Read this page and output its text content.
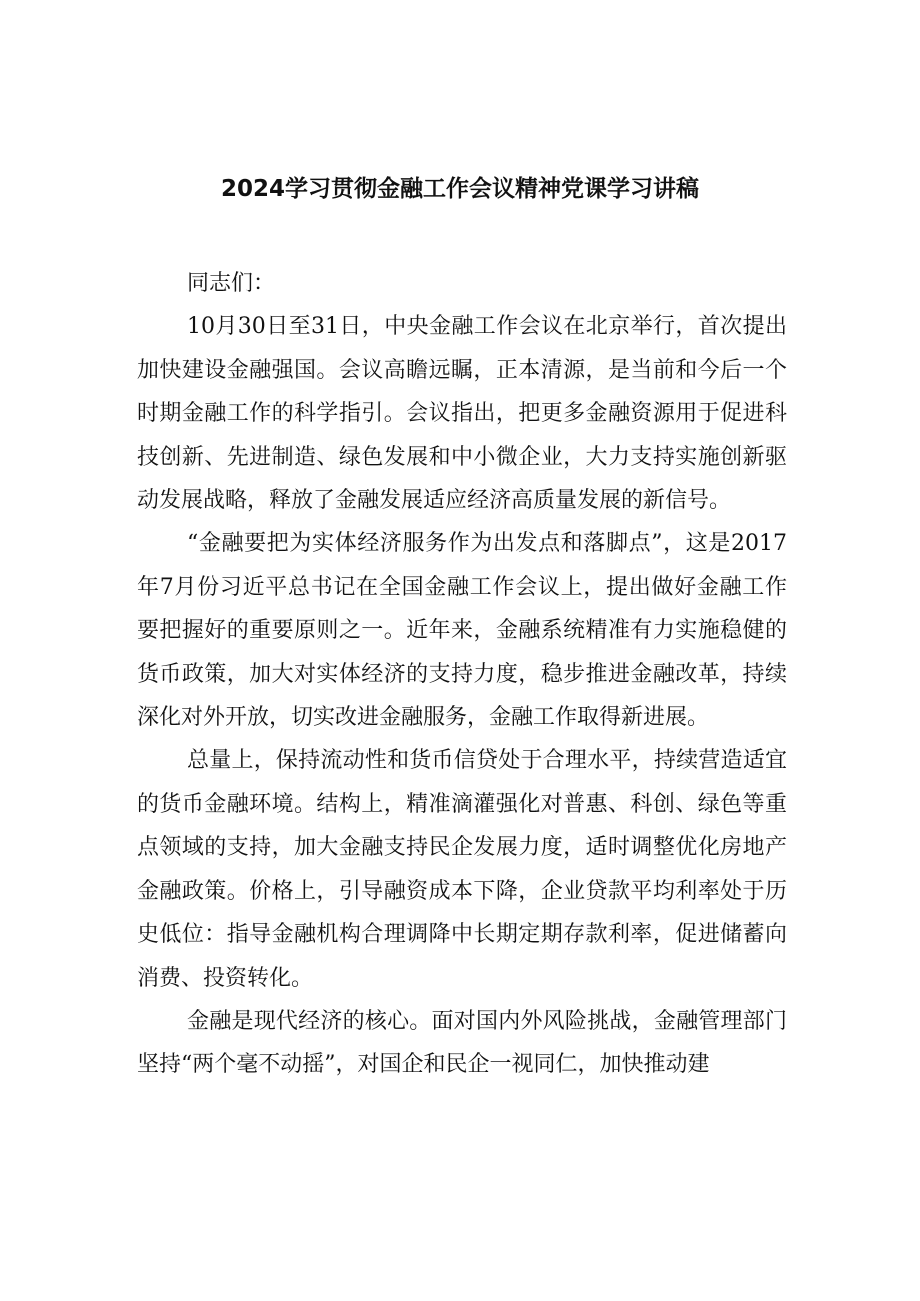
2024学习贯彻金融工作会议精神党课学习讲稿

同志们：

10月30日至31日，中央金融工作会议在北京举行，首次提出加快建设金融强国。会议高瞻远瞩，正本清源，是当前和今后一个时期金融工作的科学指引。会议指出，把更多金融资源用于促进科技创新、先进制造、绿色发展和中小微企业，大力支持实施创新驱动发展战略，释放了金融发展适应经济高质量发展的新信号。

“金融要把为实体经济服务作为出发点和落脚点”，这是2017年7月份习近平总书记在全国金融工作会议上，提出做好金融工作要把握好的重要原则之一。近年来，金融系统精准有力实施稳健的货币政策，加大对实体经济的支持力度，稳步推进金融改革，持续深化对外开放，切实改进金融服务，金融工作取得新进展。

总量上，保持流动性和货币信贷处于合理水平，持续营造适宜的货币金融环境。结构上，精准滴灌强化对普惠、科创、绿色等重点领域的支持，加大金融支持民企发展力度，适时调整优化房地产金融政策。价格上，引导融资成本下降，企业贷款平均利率处于历史低位：指导金融机构合理调降中长期定期存款利率，促进储蓄向消费、投资转化。

金融是现代经济的核心。面对国内外风险挑战，金融管理部门坚持“两个毫不动摇”，对国企和民企一视同仁，加快推动建
